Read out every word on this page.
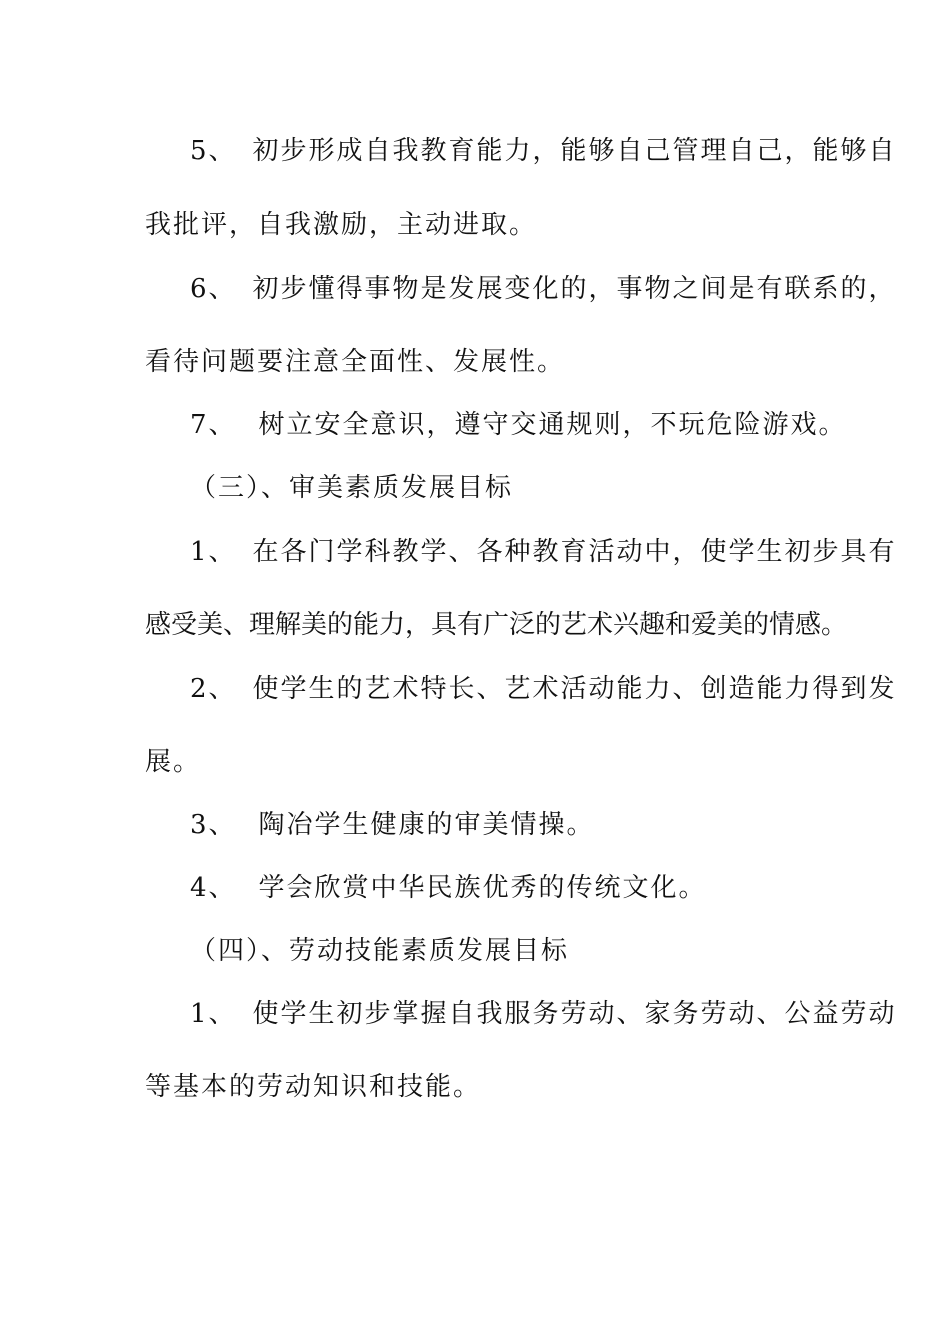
5、 初步形成自我教育能力，能够自己管理自己，能够自
我批评，自我激励，主动进取。
6、 初步懂得事物是发展变化的，事物之间是有联系的，
看待问题要注意全面性、发展性。
7、 树立安全意识，遵守交通规则，不玩危险游戏。
（三）、审美素质发展目标
1、 在各门学科教学、各种教育活动中，使学生初步具有
感受美、理解美的能力，具有广泛的艺术兴趣和爱美的情感。
2、 使学生的艺术特长、艺术活动能力、创造能力得到发
展。
3、 陶冶学生健康的审美情操。
4、 学会欣赏中华民族优秀的传统文化。
（四）、劳动技能素质发展目标
1、 使学生初步掌握自我服务劳动、家务劳动、公益劳动
等基本的劳动知识和技能。
